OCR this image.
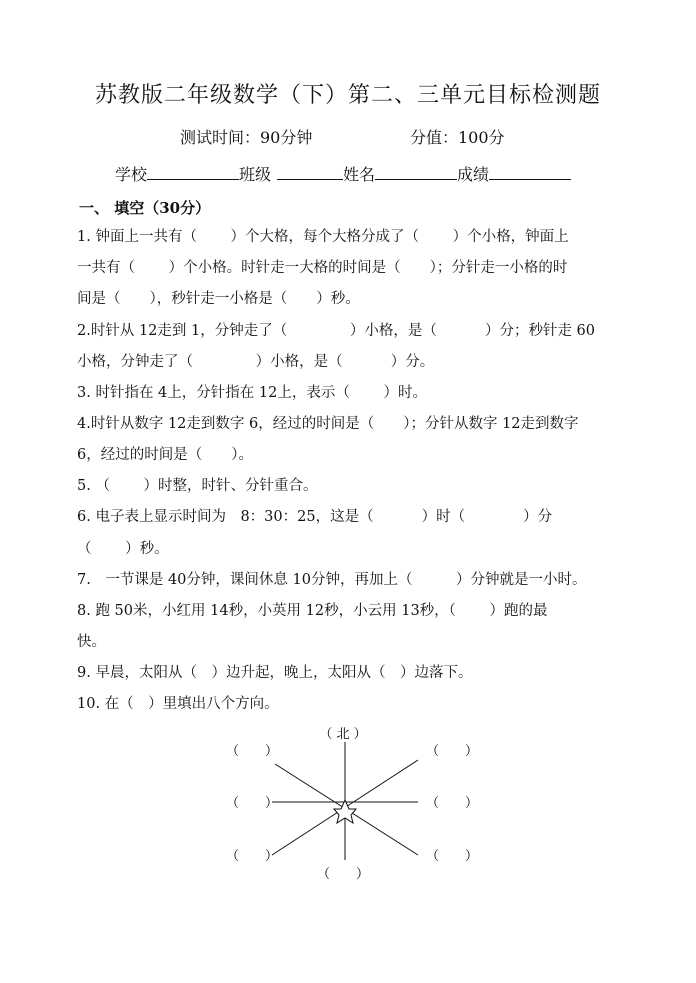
苏教版二年级数学（下）第二、三单元目标检测题
测试时间：90分钟	分值：100分
学校	班级	姓名	成绩
一、 填空（30分）
1. 钟面上一共有（　　 ）个大格，每个大格分成了（　　 ）个小格，钟面上
一共有（　　 ）个小格。时针走一大格的时间是（　　）；分针走一小格的时
间是（　　），秒针走一小格是（　　）秒。
2.时针从 12走到 1，分钟走了（　　　　 ）小格，是（　　　 ）分；秒针走 60
小格，分钟走了（　　　　 ）小格，是（　　　 ）分。
3. 时针指在 4上，分针指在 12上，表示（　　 ）时。
4.时针从数字 12走到数字 6，经过的时间是（　　）；分针从数字 12走到数字
6，经过的时间是（　　）。
5. （　　 ）时整，时针、分针重合。
6. 电子表上显示时间为　8：30：25，这是（　　　 ）时（　　　　）分
（　　 ）秒。
7.　一节课是 40分钟，课间休息 10分钟，再加上（　　　）分钟就是一小时。
8. 跑 50米，小红用 14秒，小英用 12秒，小云用 13秒，（　　 ）跑的最
快。
9. 早晨，太阳从（　）边升起，晚上，太阳从（　）边落下。
10. 在（　）里填出八个方向。
（ 北 ）
（　　）	（　　）
（　　）	（　　）
（　　）	（　　）
（　　）
